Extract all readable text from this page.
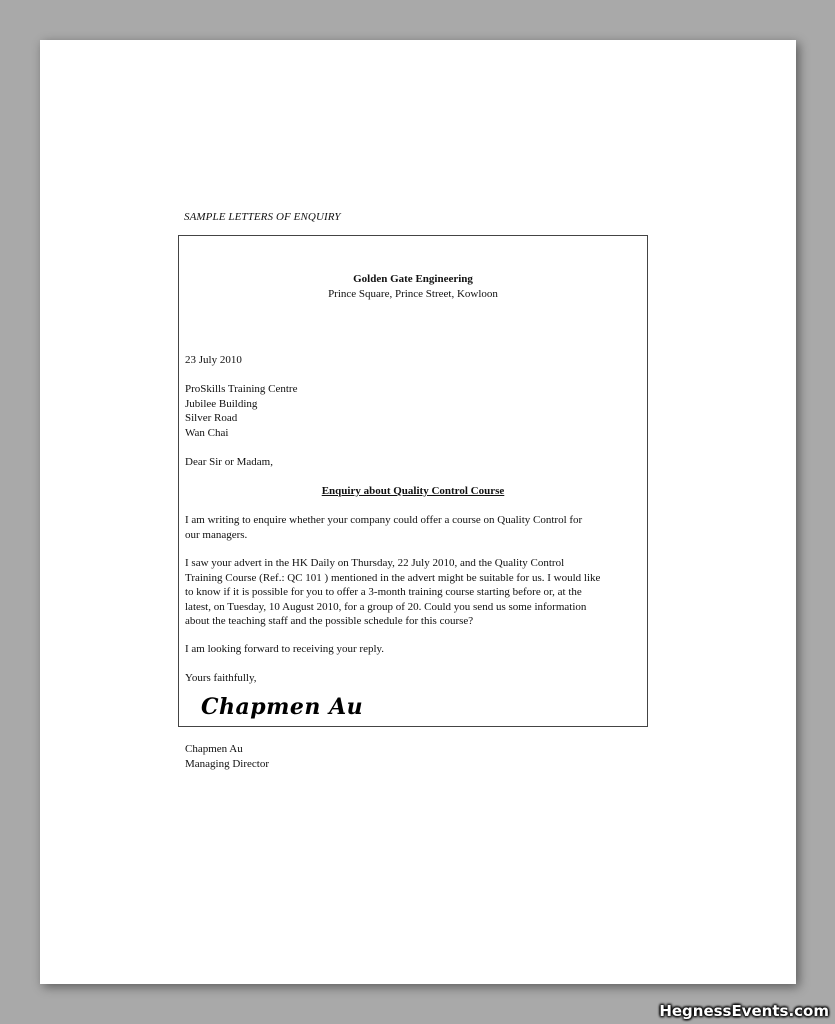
SAMPLE LETTERS OF ENQUIRY
Golden Gate Engineering
Prince Square, Prince Street, Kowloon
23 July 2010
ProSkills Training Centre
Jubilee Building
Silver Road
Wan Chai
Dear Sir or Madam,
Enquiry about Quality Control Course
I am writing to enquire whether your company could offer a course on Quality Control for
our managers.
I saw your advert in the HK Daily on Thursday, 22 July 2010, and the Quality Control
Training Course (Ref.: QC 101 ) mentioned in the advert might be suitable for us. I would like
to know if it is possible for you to offer a 3-month training course starting before or, at the
latest, on Tuesday, 10 August 2010, for a group of 20. Could you send us some information
about the teaching staff and the possible schedule for this course?
I am looking forward to receiving your reply.
Yours faithfully,
Chapmen Au
Chapmen Au
Managing Director
HegnessEvents.com
